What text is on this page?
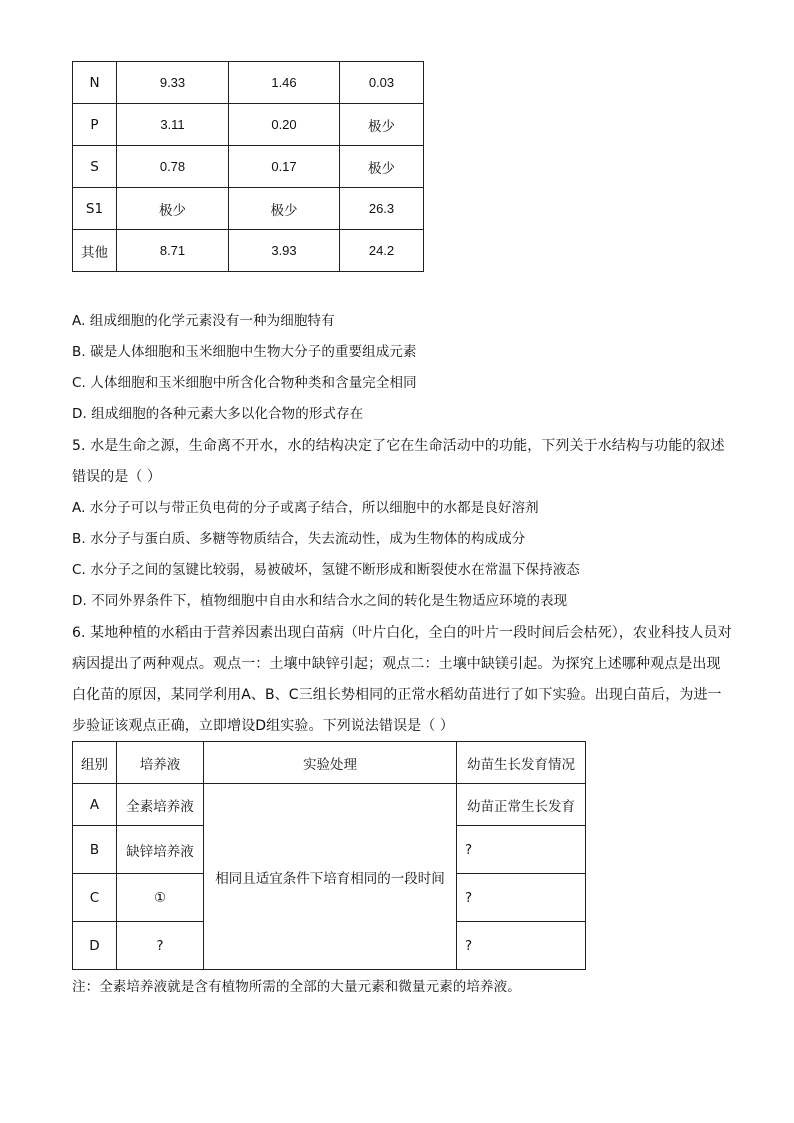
N	9.33	1.46	0.03
P	3.11	0.20	极少
S	0.78	0.17	极少
S1	极少	极少	26.3
其他	8.71	3.93	24.2
A. 组成细胞的化学元素没有一种为细胞特有
B. 碳是人体细胞和玉米细胞中生物大分子的重要组成元素
C. 人体细胞和玉米细胞中所含化合物种类和含量完全相同
D. 组成细胞的各种元素大多以化合物的形式存在
5. 水是生命之源，生命离不开水，水的结构决定了它在生命活动中的功能，下列关于水结构与功能的叙述
错误的是（ ）
A. 水分子可以与带正负电荷的分子或离子结合，所以细胞中的水都是良好溶剂
B. 水分子与蛋白质、多糖等物质结合，失去流动性，成为生物体的构成成分
C. 水分子之间的氢键比较弱，易被破坏，氢键不断形成和断裂使水在常温下保持液态
D. 不同外界条件下，植物细胞中自由水和结合水之间的转化是生物适应环境的表现
6. 某地种植的水稻由于营养因素出现白苗病（叶片白化，全白的叶片一段时间后会枯死），农业科技人员对
病因提出了两种观点。观点一：土壤中缺锌引起；观点二：土壤中缺镁引起。为探究上述哪种观点是出现
白化苗的原因，某同学利用A、B、C三组长势相同的正常水稻幼苗进行了如下实验。出现白苗后，为进一
步验证该观点正确，立即增设D组实验。下列说法错误是（ ）
组别	培养液	实验处理	幼苗生长发育情况
A	全素培养液	相同且适宜条件下培育相同的一段时间	幼苗正常生长发育
B	缺锌培养液		?
C	①		?
D	?		?
注：全素培养液就是含有植物所需的全部的大量元素和微量元素的培养液。
